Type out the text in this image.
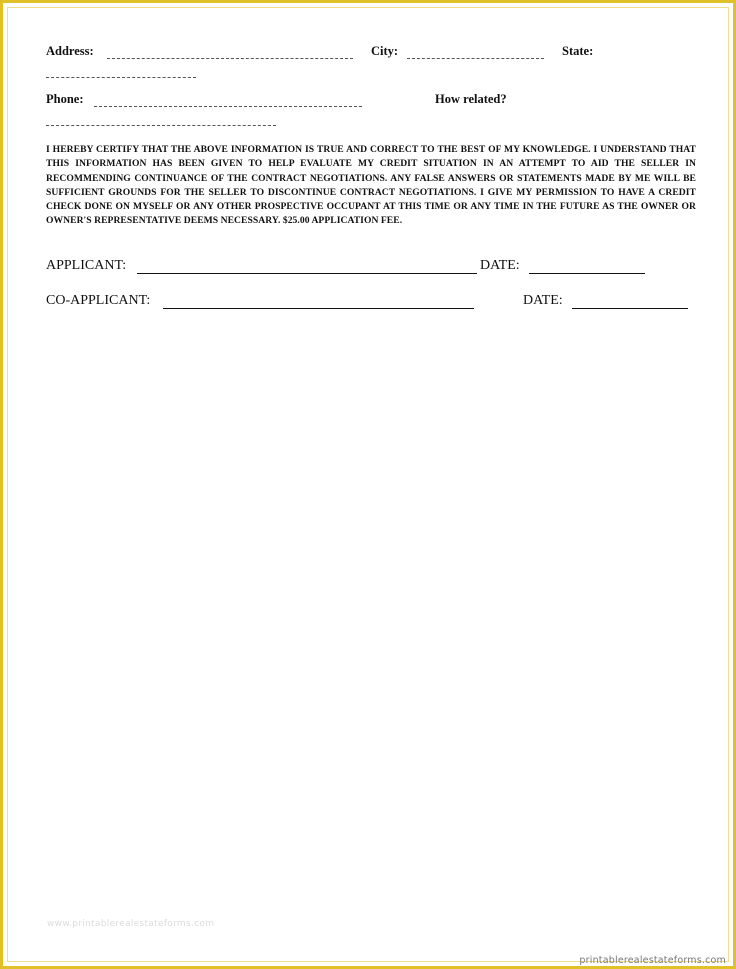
Address:	City:	State:
Phone:	How related?
I HEREBY CERTIFY THAT THE ABOVE INFORMATION IS TRUE AND CORRECT TO THE BEST OF MY KNOWLEDGE. I UNDERSTAND THAT THIS INFORMATION HAS BEEN GIVEN TO HELP EVALUATE MY CREDIT SITUATION IN AN ATTEMPT TO AID THE SELLER IN RECOMMENDING CONTINUANCE OF THE CONTRACT NEGOTIATIONS. ANY FALSE ANSWERS OR STATEMENTS MADE BY ME WILL BE SUFFICIENT GROUNDS FOR THE SELLER TO DISCONTINUE CONTRACT NEGOTIATIONS. I GIVE MY PERMISSION TO HAVE A CREDIT CHECK DONE ON MYSELF OR ANY OTHER PROSPECTIVE OCCUPANT AT THIS TIME OR ANY TIME IN THE FUTURE AS THE OWNER OR OWNER'S REPRESENTATIVE DEEMS NECESSARY. $25.00 APPLICATION FEE.
APPLICANT:	DATE:
CO-APPLICANT:	DATE:
www.printablerealestateforms.com
printablerealestateforms.com
